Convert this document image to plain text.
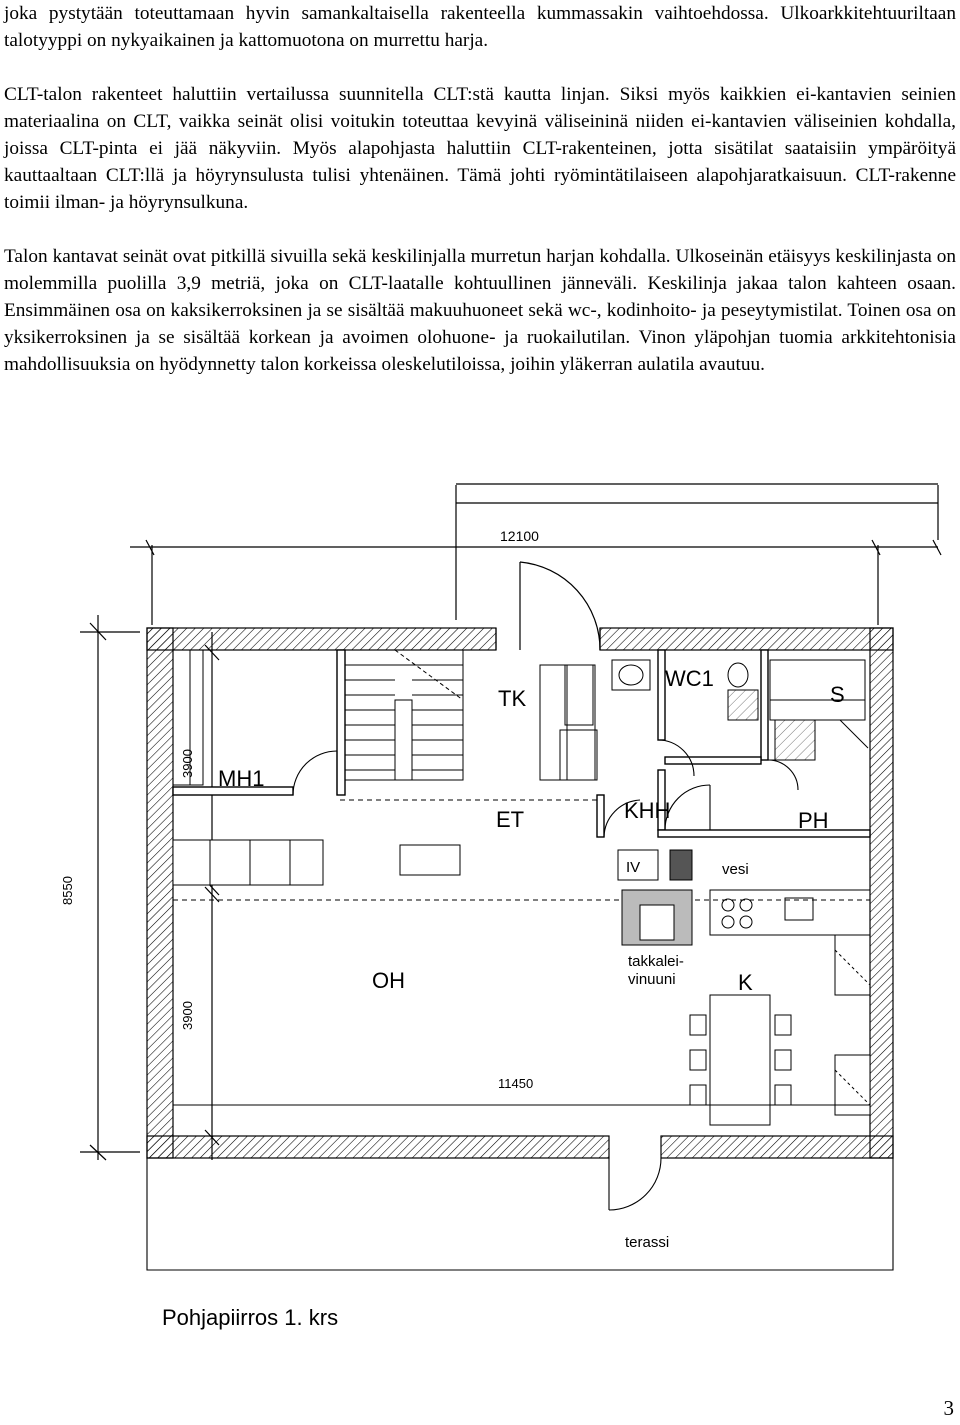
joka pystytään toteuttamaan hyvin samankaltaisella rakenteella kummassakin vaihtoehdossa. Ulkoarkkitehtuuriltaan talotyyppi on nykyaikainen ja kattomuotona on murrettu harja.

CLT-talon rakenteet haluttiin vertailussa suunnitella CLT:stä kautta linjan. Siksi myös kaikkien ei-kantavien seinien materiaalina on CLT, vaikka seinät olisi voitukin toteuttaa kevyinä väliseininä niiden ei-kantavien väliseinien kohdalla, joissa CLT-pinta ei jää näkyviin. Myös alapohjasta haluttiin CLT-rakenteinen, jotta sisätilat saataisiin ympäröityä kauttaaltaan CLT:llä ja höyrynsulusta tulisi yhtenäinen. Tämä johti ryömintätilaiseen alapohjaratkaisuun. CLT-rakenne toimii ilman- ja höyrynsulkuna.

Talon kantavat seinät ovat pitkillä sivuilla sekä keskilinjalla murretun harjan kohdalla. Ulkoseinän etäisyys keskilinjasta on molemmilla puolilla 3,9 metriä, joka on CLT-laatalle kohtuullinen jänneväli. Keskilinja jakaa talon kahteen osaan. Ensimmäinen osa on kaksikerroksinen ja se sisältää makuuhuoneet sekä wc-, kodinhoito- ja peseytymistilat. Toinen osa on yksikerroksinen ja se sisältää korkean ja avoimen olohuone- ja ruokailutilan. Vinon yläpohjan tuomia arkkitehtonisia mahdollisuuksia on hyödynnetty talon korkeissa oleskelutiloissa, joihin yläkerran aulatila avautuu.

12100
8550
3900
3900
11450
TK
WC1
S
MH1
ET	KHH	PH
IV	vesi
OH	K
takkalei-
vinuuni
terassi
Pohjapiirros 1. krs
3
